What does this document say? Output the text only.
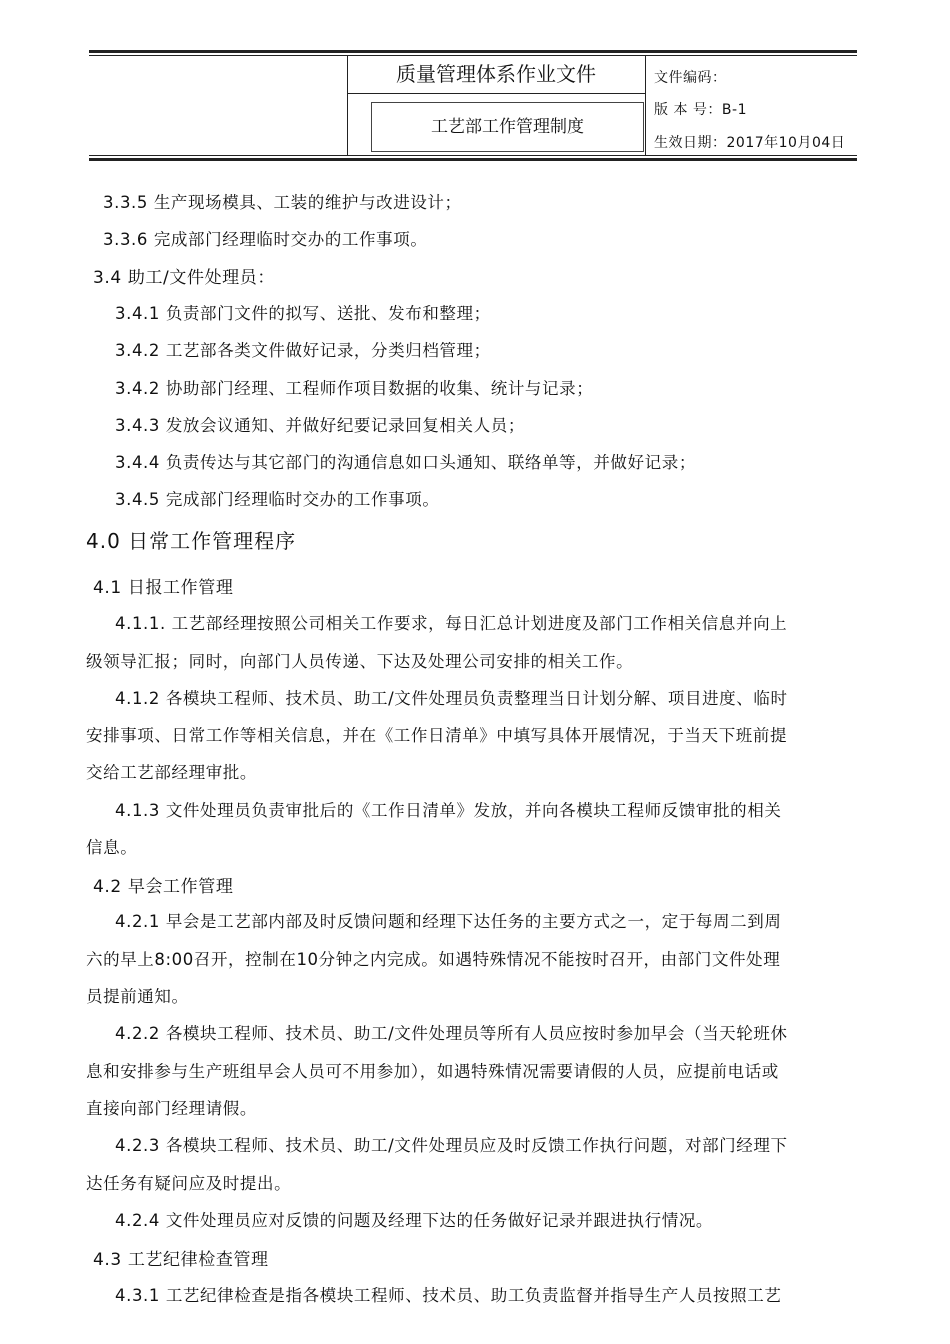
质量管理体系作业文件
工艺部工作管理制度
文件编码：
版 本 号：B-1
生效日期：2017年10月04日
3.3.5 生产现场模具、工装的维护与改进设计；
3.3.6 完成部门经理临时交办的工作事项。
3.4 助工/文件处理员：
3.4.1 负责部门文件的拟写、送批、发布和整理；
3.4.2 工艺部各类文件做好记录，分类归档管理；
3.4.2 协助部门经理、工程师作项目数据的收集、统计与记录；
3.4.3 发放会议通知、并做好纪要记录回复相关人员；
3.4.4 负责传达与其它部门的沟通信息如口头通知、联络单等，并做好记录；
3.4.5 完成部门经理临时交办的工作事项。
4.0 日常工作管理程序
4.1 日报工作管理
4.1.1. 工艺部经理按照公司相关工作要求，每日汇总计划进度及部门工作相关信息并向上
级领导汇报；同时，向部门人员传递、下达及处理公司安排的相关工作。
4.1.2 各模块工程师、技术员、助工/文件处理员负责整理当日计划分解、项目进度、临时
安排事项、日常工作等相关信息，并在《工作日清单》中填写具体开展情况，于当天下班前提
交给工艺部经理审批。
4.1.3 文件处理员负责审批后的《工作日清单》发放，并向各模块工程师反馈审批的相关
信息。
4.2 早会工作管理
4.2.1 早会是工艺部内部及时反馈问题和经理下达任务的主要方式之一，定于每周二到周
六的早上8:00召开，控制在10分钟之内完成。如遇特殊情况不能按时召开，由部门文件处理
员提前通知。
4.2.2 各模块工程师、技术员、助工/文件处理员等所有人员应按时参加早会（当天轮班休
息和安排参与生产班组早会人员可不用参加），如遇特殊情况需要请假的人员，应提前电话或
直接向部门经理请假。
4.2.3 各模块工程师、技术员、助工/文件处理员应及时反馈工作执行问题，对部门经理下
达任务有疑问应及时提出。
4.2.4 文件处理员应对反馈的问题及经理下达的任务做好记录并跟进执行情况。
4.3 工艺纪律检查管理
4.3.1 工艺纪律检查是指各模块工程师、技术员、助工负责监督并指导生产人员按照工艺
